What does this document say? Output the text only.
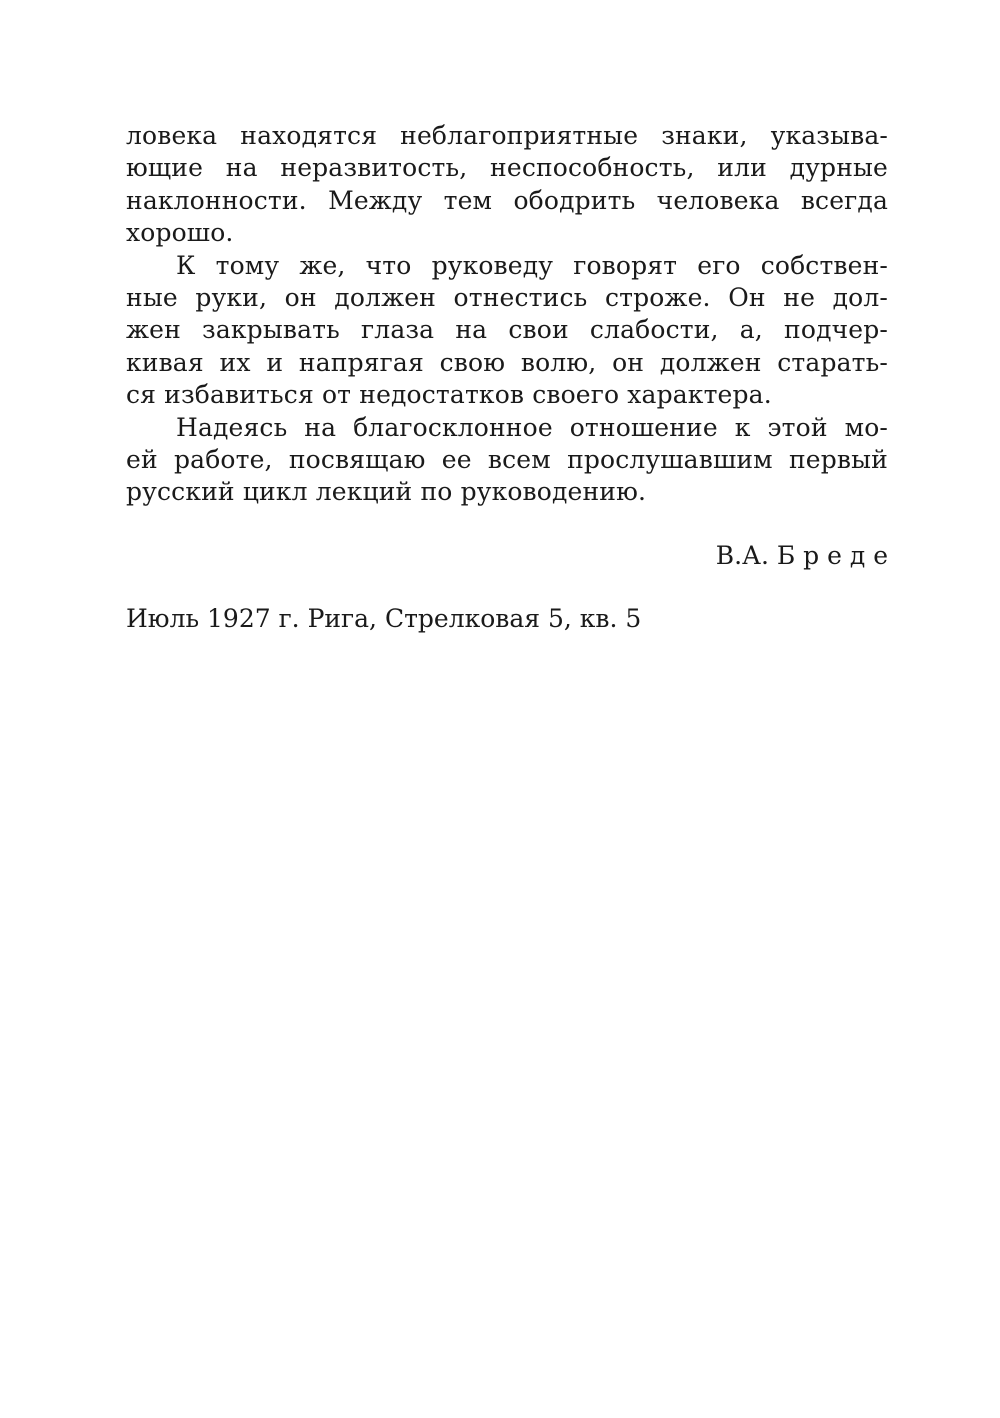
ловека находятся неблагоприятные знаки, указыва-
ющие на неразвитость, неспособность, или дурные
наклонности. Между тем ободрить человека всегда
хорошо.
К тому же, что руковеду говорят его собствен-
ные руки, он должен отнестись строже. Он не дол-
жен закрывать глаза на свои слабости, а, подчер-
кивая их и напрягая свою волю, он должен старать-
ся избавиться от недостатков своего характера.
Надеясь на благосклонное отношение к этой мо-
ей работе, посвящаю ее всем прослушавшим первый
русский цикл лекций по руководению.
В.А. Б р е д е
Июль 1927 г. Рига, Стрелковая 5, кв. 5
